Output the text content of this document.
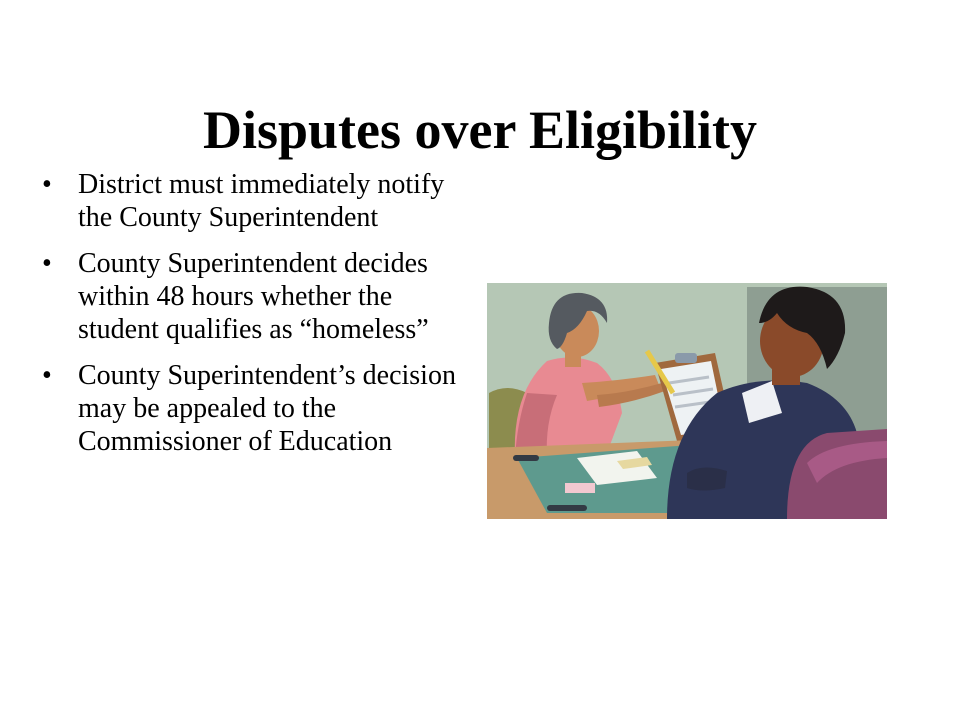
Disputes over Eligibility
• District must immediately notify the County Superintendent
• County Superintendent decides within 48 hours whether the student qualifies as “homeless”
• County Superintendent’s decision may be appealed to the Commissioner of Education
